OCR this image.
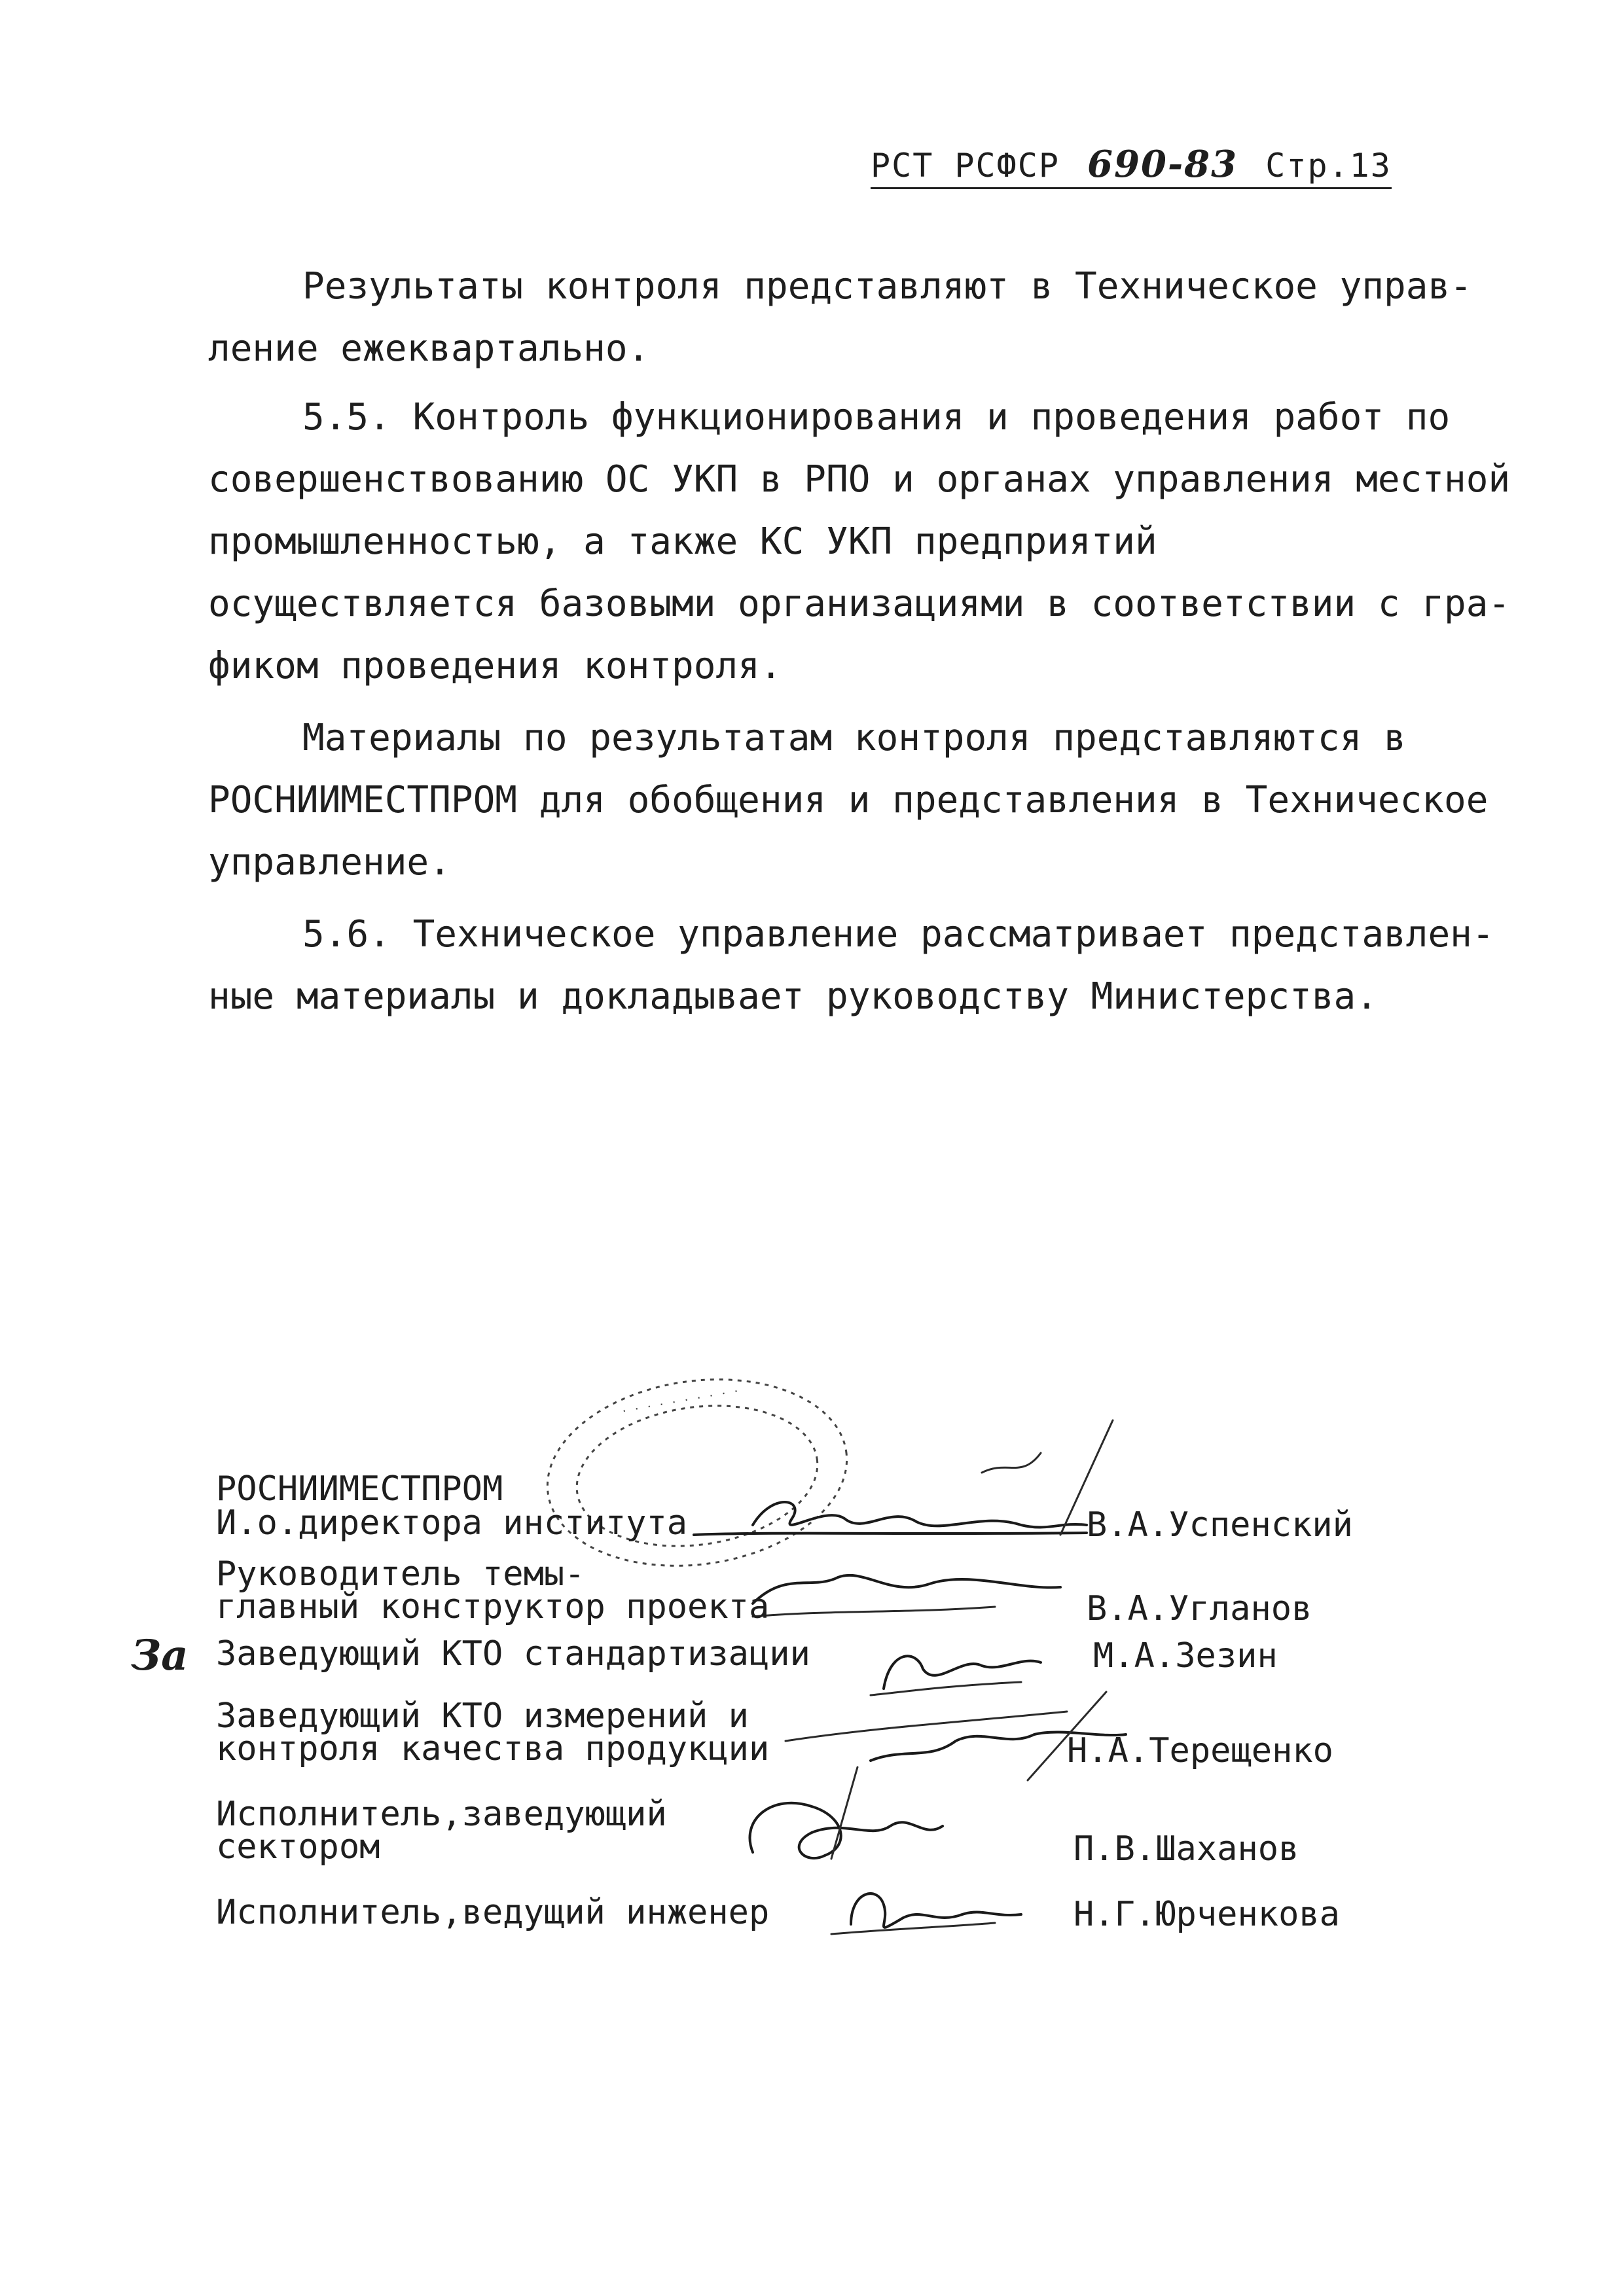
РСТ РСФСР 690-83 Стр.13
Результаты контроля представляют в Техническое управ-
ление ежеквартально.
5.5. Контроль функционирования и проведения работ по
совершенствованию ОС УКП в РПО и органах управления местной
промышленностью, а также КС УКП предприятий
осуществляется базовыми организациями в соответствии с гра-
фиком проведения контроля.
Материалы по результатам контроля представляются в
РОСНИИМЕСТПРОМ для обобщения и представления в Техническое
управление.
5.6. Техническое управление рассматривает представлен-
ные материалы и докладывает руководству Министерства.
· · · · · · · · · ·
РОСНИИМЕСТПРОМ
И.о.директора института	В.А.Успенский
Руководитель темы-
главный конструктор проекта	В.А.Угланов
За Заведующий КТО стандартизации	М.А.Зезин
Заведующий КТО измерений и
контроля качества продукции	Н.А.Терещенко
Исполнитель,заведующий
сектором	П.В.Шаханов
Исполнитель,ведущий инженер	Н.Г.Юрченкова
